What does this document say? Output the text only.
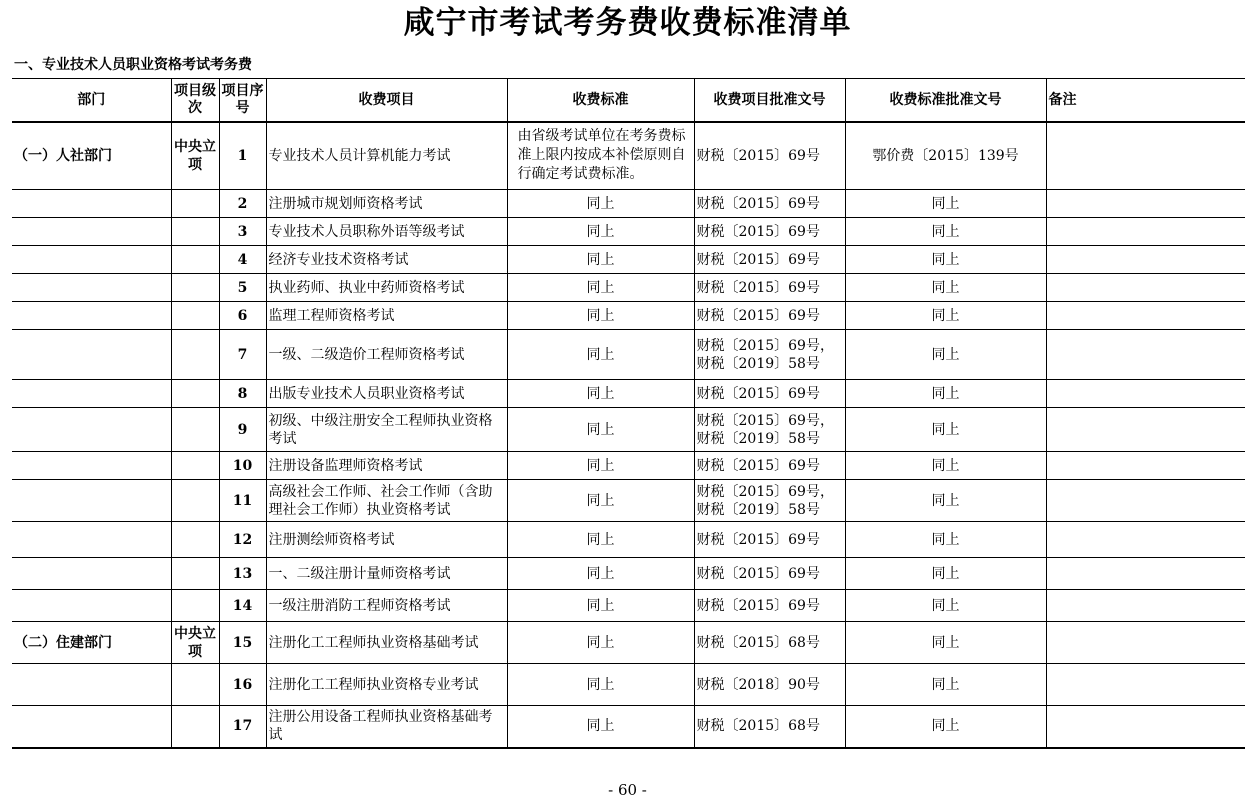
咸宁市考试考务费收费标准清单
一、专业技术人员职业资格考试考务费
部门	项目级次	项目序号	收费项目	收费标准	收费项目批准文号	收费标准批准文号	备注
（一）人社部门	中央立项	1	专业技术人员计算机能力考试	由省级考试单位在考务费标准上限内按成本补偿原则自行确定考试费标准。	财税〔2015〕69号	鄂价费〔2015〕139号	
		2	注册城市规划师资格考试	同上	财税〔2015〕69号	同上	
		3	专业技术人员职称外语等级考试	同上	财税〔2015〕69号	同上	
		4	经济专业技术资格考试	同上	财税〔2015〕69号	同上	
		5	执业药师、执业中药师资格考试	同上	财税〔2015〕69号	同上	
		6	监理工程师资格考试	同上	财税〔2015〕69号	同上	
		7	一级、二级造价工程师资格考试	同上	财税〔2015〕69号，
财税〔2019〕58号	同上	
		8	出版专业技术人员职业资格考试	同上	财税〔2015〕69号	同上	
		9	初级、中级注册安全工程师执业资格考试	同上	财税〔2015〕69号，
财税〔2019〕58号	同上	
		10	注册设备监理师资格考试	同上	财税〔2015〕69号	同上	
		11	高级社会工作师、社会工作师（含助理社会工作师）执业资格考试	同上	财税〔2015〕69号，
财税〔2019〕58号	同上	
		12	注册测绘师资格考试	同上	财税〔2015〕69号	同上	
		13	一、二级注册计量师资格考试	同上	财税〔2015〕69号	同上	
		14	一级注册消防工程师资格考试	同上	财税〔2015〕69号	同上	
（二）住建部门	中央立项	15	注册化工工程师执业资格基础考试	同上	财税〔2015〕68号	同上	
		16	注册化工工程师执业资格专业考试	同上	财税〔2018〕90号	同上	
		17	注册公用设备工程师执业资格基础考试	同上	财税〔2015〕68号	同上	
- 60 -
